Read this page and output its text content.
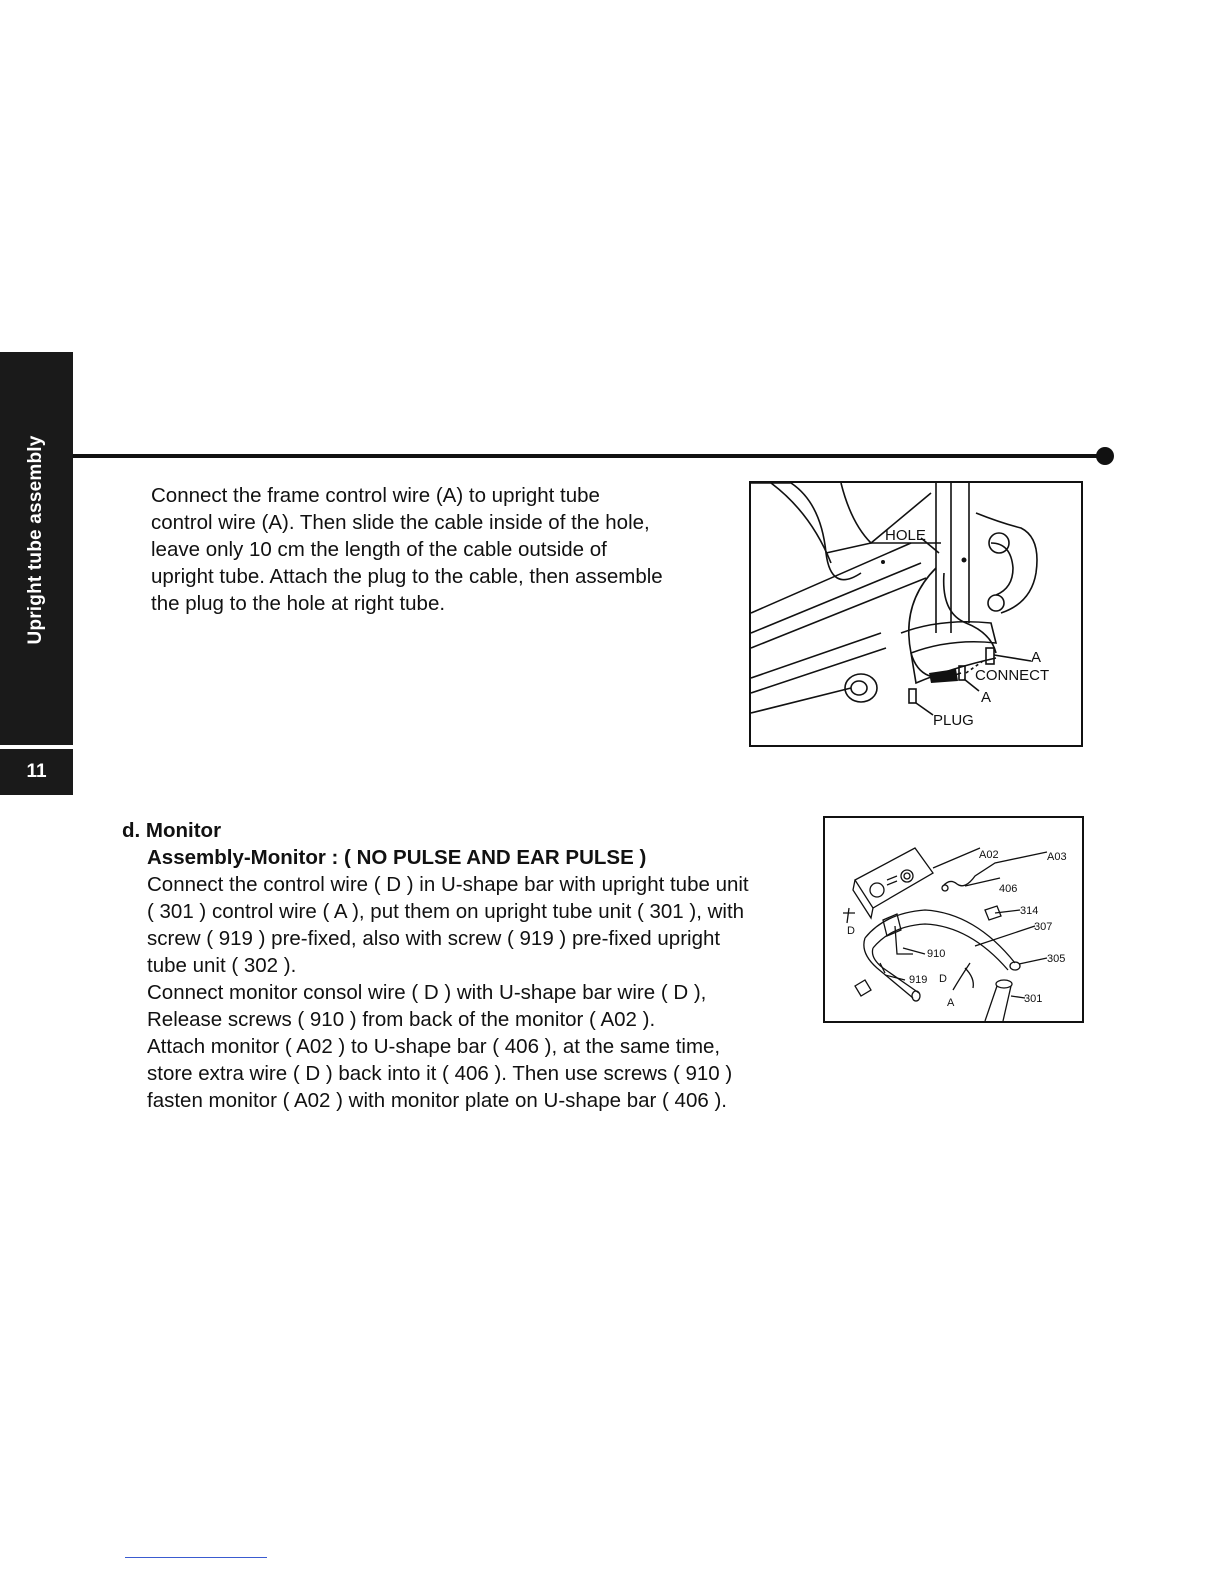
Upright tube assembly
11
Connect the frame control wire (A) to upright tube
control wire (A). Then slide the cable inside of the hole,
leave only 10 cm the length of the cable outside of
upright tube. Attach the plug to the cable, then assemble
the plug to the hole at right tube.
HOLE
A
CONNECT
A
PLUG
d. Monitor
Assembly-Monitor : ( NO PULSE AND EAR PULSE )
Connect the control wire ( D ) in U-shape bar with upright tube unit
( 301 ) control wire ( A ), put them on upright tube unit ( 301 ), with
screw ( 919 ) pre-fixed, also with screw ( 919 ) pre-fixed upright
tube unit ( 302 ).
Connect monitor consol wire ( D ) with U-shape bar wire ( D ),
Release screws ( 910 ) from back of the monitor ( A02 ).
Attach monitor ( A02 ) to U-shape bar ( 406 ), at the same time,
store extra wire ( D ) back into it ( 406 ). Then use screws ( 910 )
fasten monitor ( A02 ) with monitor plate on U-shape bar ( 406 ).
A02	A03
406
314
307
305
301
910
919
D
D
A
